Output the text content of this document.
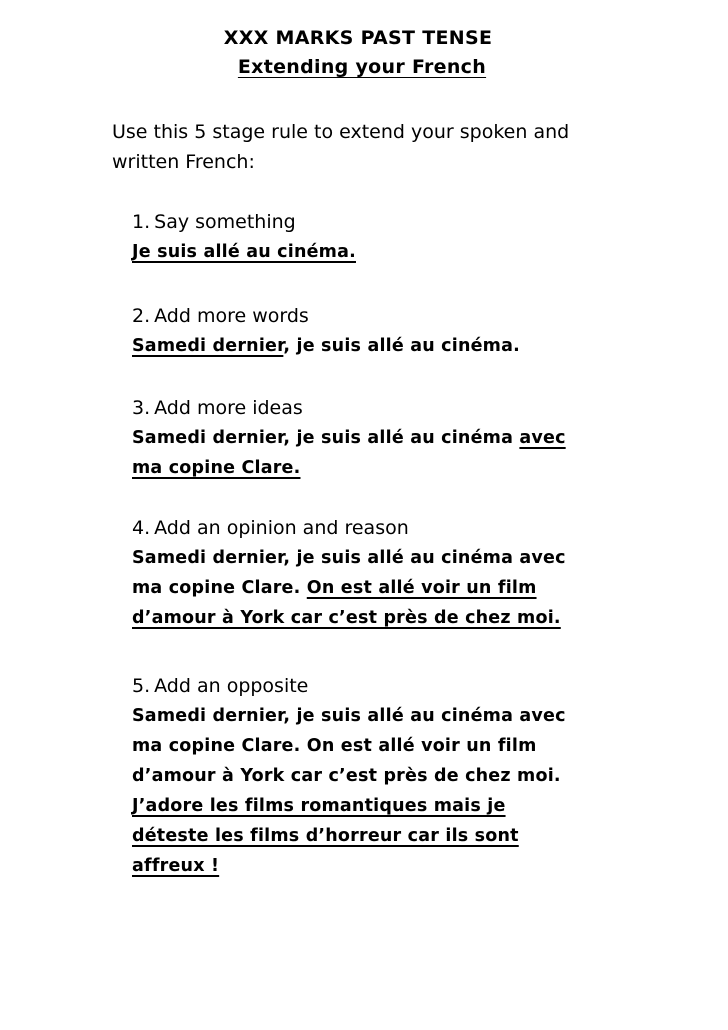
XXX MARKS PAST TENSE
Extending your French
Use this 5 stage rule to extend your spoken and
written French:
1. Say something
Je suis allé au cinéma.
2. Add more words
Samedi dernier, je suis allé au cinéma.
3. Add more ideas
Samedi dernier, je suis allé au cinéma avec
ma copine Clare.
4. Add an opinion and reason
Samedi dernier, je suis allé au cinéma avec
ma copine Clare. On est allé voir un film
d’amour à York car c’est près de chez moi.
5. Add an opposite
Samedi dernier, je suis allé au cinéma avec
ma copine Clare. On est allé voir un film
d’amour à York car c’est près de chez moi.
J’adore les films romantiques mais je
déteste les films d’horreur car ils sont
affreux !
